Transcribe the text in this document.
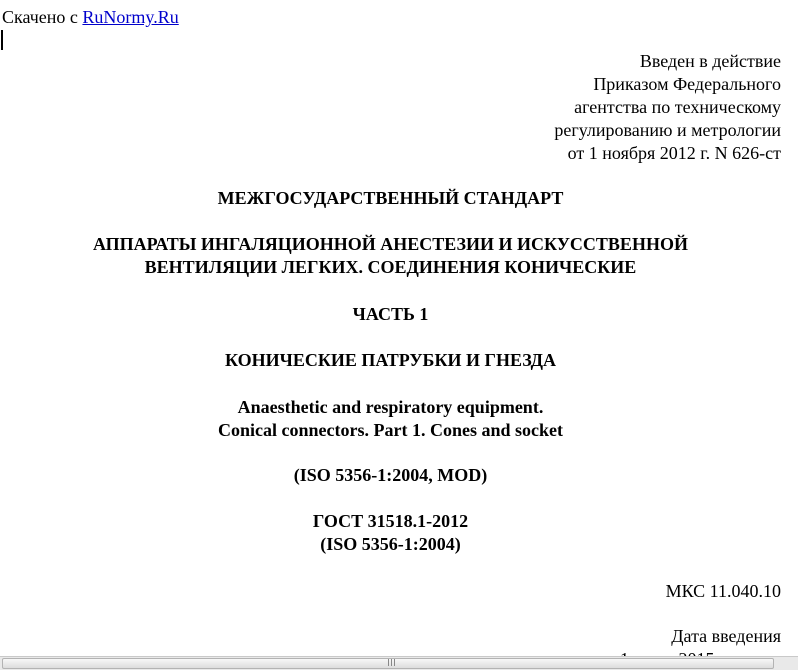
Скачено с RuNormy.Ru
Введен в действие
Приказом Федерального
агентства по техническому
регулированию и метрологии
от 1 ноября 2012 г. N 626-ст
МЕЖГОСУДАРСТВЕННЫЙ СТАНДАРТ
АППАРАТЫ ИНГАЛЯЦИОННОЙ АНЕСТЕЗИИ И ИСКУССТВЕННОЙ
ВЕНТИЛЯЦИИ ЛЕГКИХ. СОЕДИНЕНИЯ КОНИЧЕСКИЕ
ЧАСТЬ 1
КОНИЧЕСКИЕ ПАТРУБКИ И ГНЕЗДА
Anaesthetic and respiratory equipment.
Conical connectors. Part 1. Cones and socket
(ISO 5356-1:2004, MOD)
ГОСТ 31518.1-2012
(ISO 5356-1:2004)
МКС 11.040.10
Дата введения
